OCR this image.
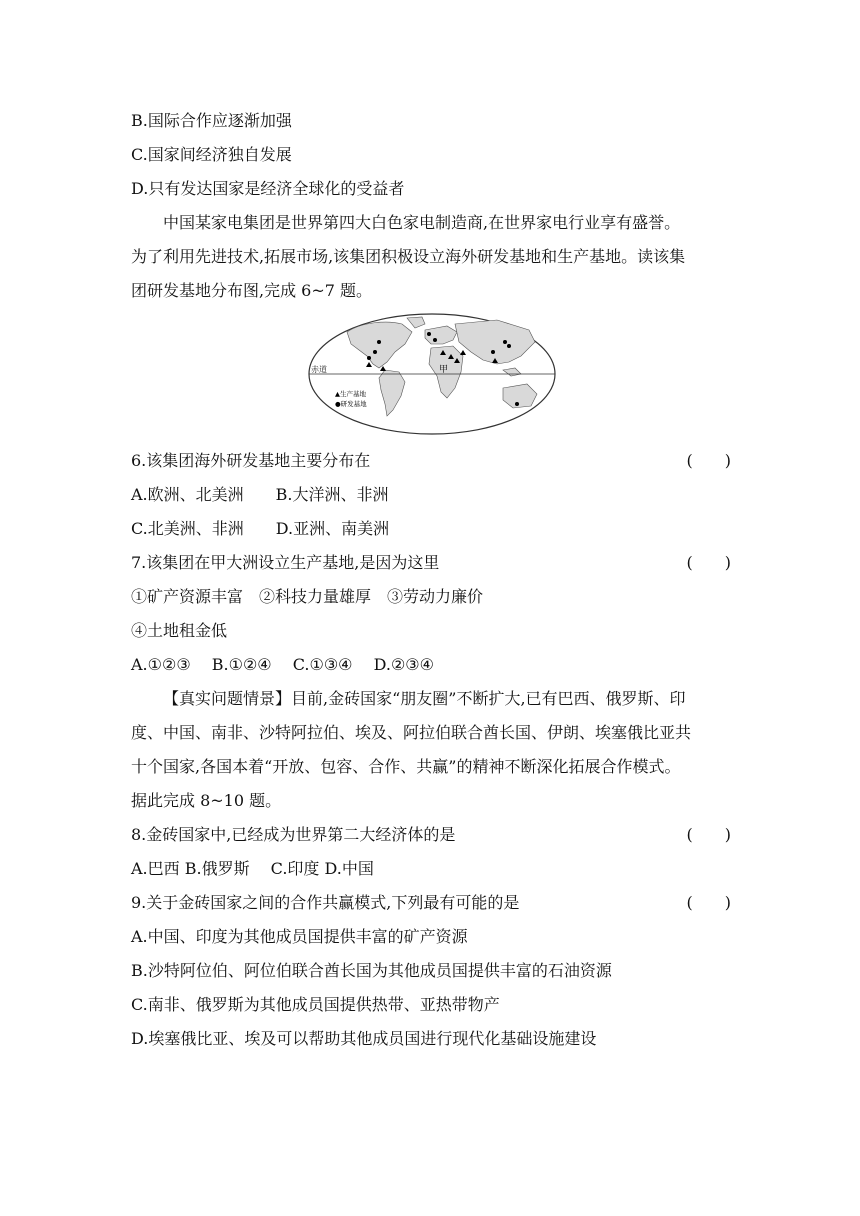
B.国际合作应逐渐加强
C.国家间经济独自发展
D.只有发达国家是经济全球化的受益者
中国某家电集团是世界第四大白色家电制造商,在世界家电行业享有盛誉。
为了利用先进技术,拓展市场,该集团积极设立海外研发基地和生产基地。读该集
团研发基地分布图,完成 6~7 题。
赤道	甲
▲生产基地
●研发基地
6.该集团海外研发基地主要分布在	(　　)
A.欧洲、北美洲　　B.大洋洲、非洲
C.北美洲、非洲　　D.亚洲、南美洲
7.该集团在甲大洲设立生产基地,是因为这里	(　　)
①矿产资源丰富　②科技力量雄厚　③劳动力廉价
④土地租金低
A.①②③　 B.①②④　 C.①③④　 D.②③④
【真实问题情景】目前,金砖国家“朋友圈”不断扩大,已有巴西、俄罗斯、印
度、中国、南非、沙特阿拉伯、埃及、阿拉伯联合酋长国、伊朗、埃塞俄比亚共
十个国家,各国本着“开放、包容、合作、共赢”的精神不断深化拓展合作模式。
据此完成 8~10 题。
8.金砖国家中,已经成为世界第二大经济体的是	(　　)
A.巴西 B.俄罗斯　 C.印度 D.中国
9.关于金砖国家之间的合作共赢模式,下列最有可能的是	(　　)
A.中国、印度为其他成员国提供丰富的矿产资源
B.沙特阿位伯、阿位伯联合酋长国为其他成员国提供丰富的石油资源
C.南非、俄罗斯为其他成员国提供热带、亚热带物产
D.埃塞俄比亚、埃及可以帮助其他成员国进行现代化基础设施建设
